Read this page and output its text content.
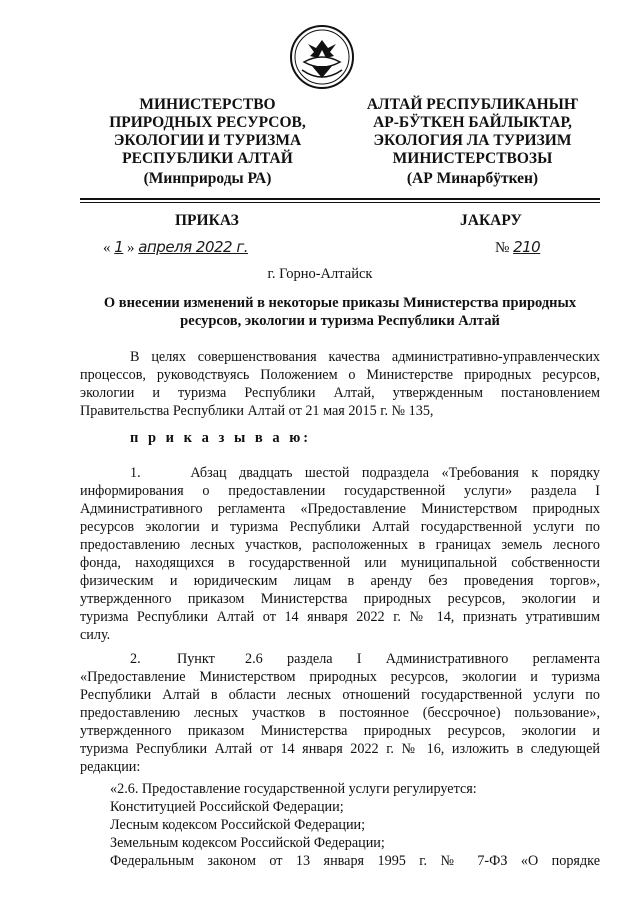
МИНИСТЕРСТВО
ПРИРОДНЫХ РЕСУРСОВ,
ЭКОЛОГИИ И ТУРИЗМА
РЕСПУБЛИКИ АЛТАЙ
(Минприроды РА)
АЛТАЙ РЕСПУБЛИКАНЫҤ
АР-БӰТКЕН БАЙЛЫКТАР,
ЭКОЛОГИЯ ЛА ТУРИЗИМ
МИНИСТЕРСТВОЗЫ
(АР Минарбӱткен)
ПРИКАЗ	JАКАРУ
« 1 » апреля 2022 г.	№ 210
г. Горно-Алтайск
О внесении изменений в некоторые приказы Министерства природных
ресурсов, экологии и туризма Республики Алтай
В целях совершенствования качества административно-управленческих
процессов, руководствуясь Положением о Министерстве природных ресурсов,
экологии и туризма Республики Алтай, утвержденным постановлением
Правительства Республики Алтай от 21 мая 2015 г. № 135,
п р и к а з ы в а ю:
1.    Абзац двадцать шестой подраздела «Требования к порядку
информирования о предоставлении государственной услуги» раздела I
Административного регламента «Предоставление Министерством природных
ресурсов экологии и туризма Республики Алтай государственной услуги по
предоставлению лесных участков, расположенных в границах земель лесного
фонда, находящихся в государственной или муниципальной собственности
физическим и юридическим лицам в аренду без проведения торгов»,
утвержденного приказом Министерства природных ресурсов, экологии и
туризма Республики Алтай от 14 января 2022 г. № 14, признать утратившим
силу.
2.      Пункт     2.6    раздела    I    Административного    регламента
«Предоставление Министерством природных ресурсов, экологии и туризма
Республики Алтай в области лесных отношений государственной услуги по
предоставлению лесных участков в постоянное (бессрочное) пользование»,
утвержденного приказом Министерства природных ресурсов, экологии и
туризма Республики Алтай от 14 января 2022 г. № 16, изложить в следующей
редакции:
«2.6. Предоставление государственной услуги регулируется:
Конституцией Российской Федерации;
Лесным кодексом Российской Федерации;
Земельным кодексом Российской Федерации;
Федеральным законом от 13 января 1995 г. № 7-ФЗ «О порядке
